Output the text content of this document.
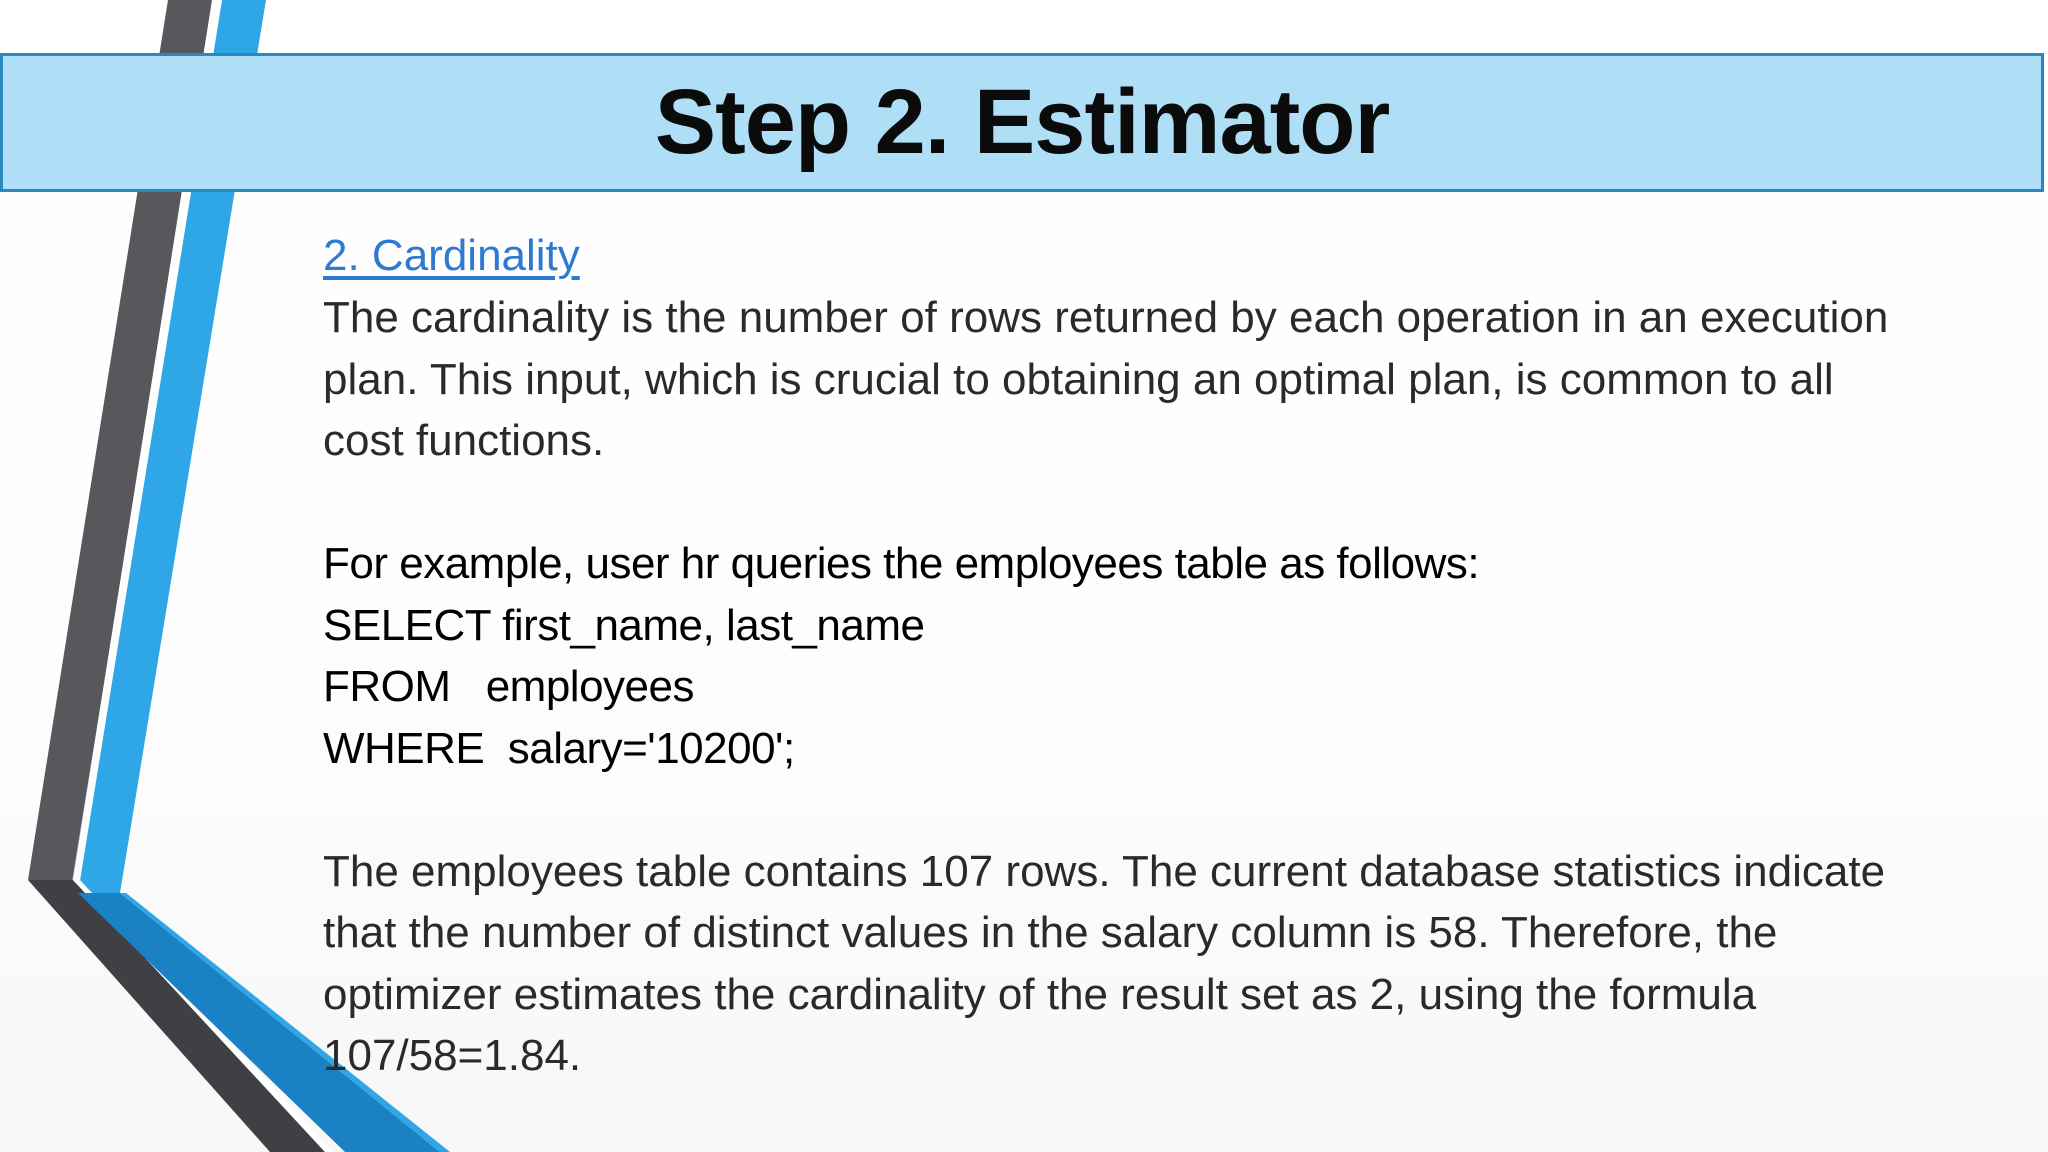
Step 2. Estimator
2. Cardinality

The cardinality is the number of rows returned by each operation in an execution

plan. This input, which is crucial to obtaining an optimal plan, is common to all

cost functions.

For example, user hr queries the employees table as follows:

SELECT first_name, last_name

FROM   employees

WHERE  salary='10200';

The employees table contains 107 rows. The current database statistics indicate

that the number of distinct values in the salary column is 58. Therefore, the

optimizer estimates the cardinality of the result set as 2, using the formula

107/58=1.84.
